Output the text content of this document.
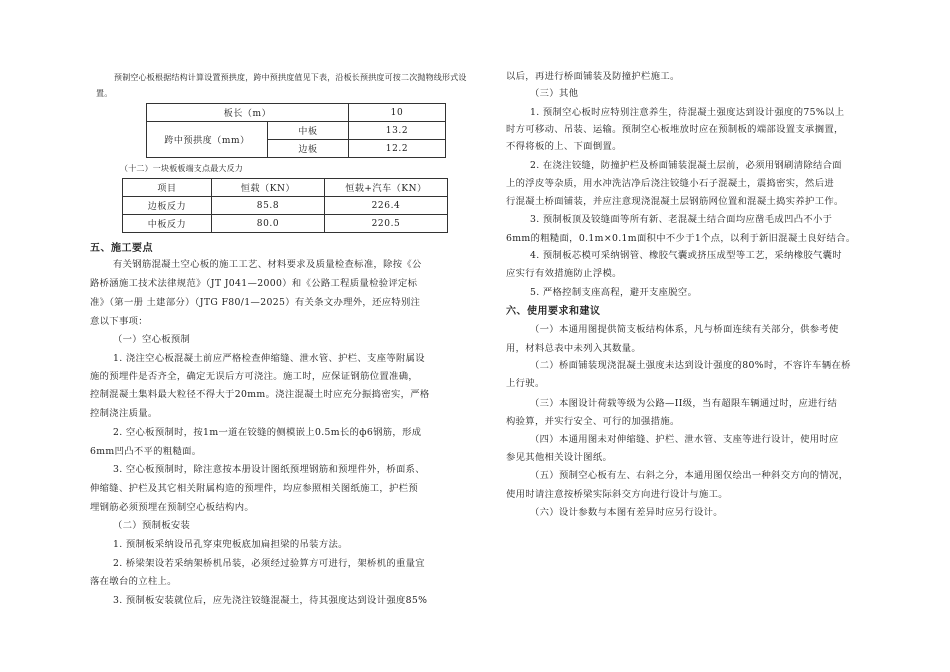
预制空心板根据结构计算设置预拱度，跨中预拱度值见下表，沿板长预拱度可按二次抛物线形式设
置。
板长（m）		10
跨中预拱度（mm）	中板	13.2
	边板	12.2
（十二）一块板板端支点最大反力
项目	恒载（KN）	恒载+汽车（KN）
边板反力	85.8	226.4
中板反力	80.0	220.5
五、施工要点
有关钢筋混凝土空心板的施工工艺、材料要求及质量检查标准，除按《公
路桥涵施工技术法律规范》（JT J041—2000）和《公路工程质量检验评定标
准》（第一册 土建部分）（JTG F80/1—2025）有关条文办理外，还应特别注
意以下事项：
（一）空心板预制
1. 浇注空心板混凝土前应严格检查伸缩缝、泄水管、护栏、支座等附属设
施的预埋件是否齐全，确定无误后方可浇注。施工时，应保证钢筋位置准确，
控制混凝土集料最大粒径不得大于20mm。浇注混凝土时应充分振捣密实，严格
控制浇注质量。
2. 空心板预制时，按1m一道在铰缝的侧模嵌上0.5m长的ф6钢筋，形成
6mm凹凸不平的粗糙面。
3. 空心板预制时，除注意按本册设计图纸预埋钢筋和预埋件外，桥面系、
伸缩缝、护栏及其它相关附属构造的预埋件，均应参照相关图纸施工，护栏预
埋钢筋必须预埋在预制空心板结构内。
（二）预制板安装
1. 预制板采纳设吊孔穿束兜板底加扁担梁的吊装方法。
2. 桥梁架设若采纳架桥机吊装，必须经过验算方可进行，架桥机的重量宜
落在墩台的立柱上。
3. 预制板安装就位后，应先浇注铰缝混凝土，待其强度达到设计强度85%
以后，再进行桥面铺装及防撞护栏施工。
（三）其他
1. 预制空心板时应特别注意养生，待混凝土强度达到设计强度的75%以上
时方可移动、吊装、运输。预制空心板堆放时应在预制板的端部设置支承搁置，
不得将板的上、下面倒置。
2. 在浇注铰缝，防撞护栏及桥面铺装混凝土层前，必须用钢刷清除结合面
上的浮皮等杂质，用水冲洗洁净后浇注铰缝小石子混凝土，震捣密实，然后进
行混凝土桥面铺装，并应注意现浇混凝土层钢筋网位置和混凝土捣实养护工作。
3. 预制板顶及铰缝面等所有新、老混凝土结合面均应凿毛成凹凸不小于
6mm的粗糙面，0.1m×0.1m面积中不少于1个点，以利于新旧混凝土良好结合。
4. 预制板芯模可采纳钢管、橡胶气囊或挤压成型等工艺，采纳橡胶气囊时
应实行有效措施防止浮模。
5. 严格控制支座高程，避开支座脱空。
六、使用要求和建议
（一）本通用图提供简支板结构体系，凡与桥面连续有关部分，供参考使
用，材料总表中未列入其数量。
（二）桥面铺装现浇混凝土强度未达到设计强度的80%时，不容许车辆在桥
上行驶。
（三）本图设计荷载等级为公路—II级，当有超限车辆通过时，应进行结
构验算，并实行安全、可行的加强措施。
（四）本通用图未对伸缩缝、护栏、泄水管、支座等进行设计，使用时应
参见其他相关设计图纸。
（五）预制空心板有左、右斜之分，本通用图仅绘出一种斜交方向的情况，
使用时请注意按桥梁实际斜交方向进行设计与施工。
（六）设计参数与本图有差异时应另行设计。
